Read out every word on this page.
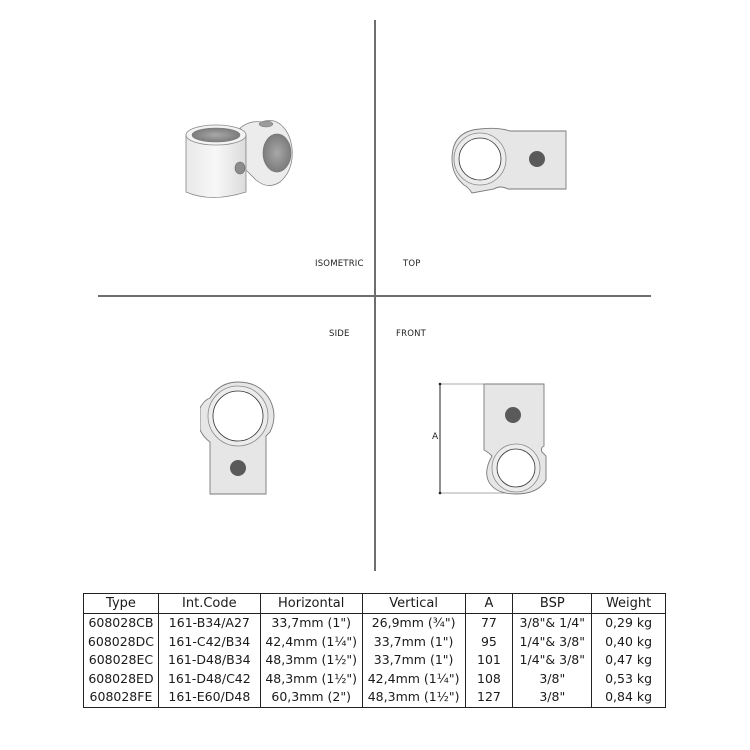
A
ISOMETRIC	TOP
SIDE	FRONT
Type	Int.Code	Horizontal	Vertical	A	BSP	Weight
608028CB	161-B34/A27	33,7mm (1")	26,9mm (¾")	77	3/8"& 1/4"	0,29 kg
608028DC	161-C42/B34	42,4mm (1¼")	33,7mm (1")	95	1/4"& 3/8"	0,40 kg
608028EC	161-D48/B34	48,3mm (1½")	33,7mm (1")	101	1/4"& 3/8"	0,47 kg
608028ED	161-D48/C42	48,3mm (1½")	42,4mm (1¼")	108	3/8"	0,53 kg
608028FE	161-E60/D48	60,3mm (2")	48,3mm (1½")	127	3/8"	0,84 kg
